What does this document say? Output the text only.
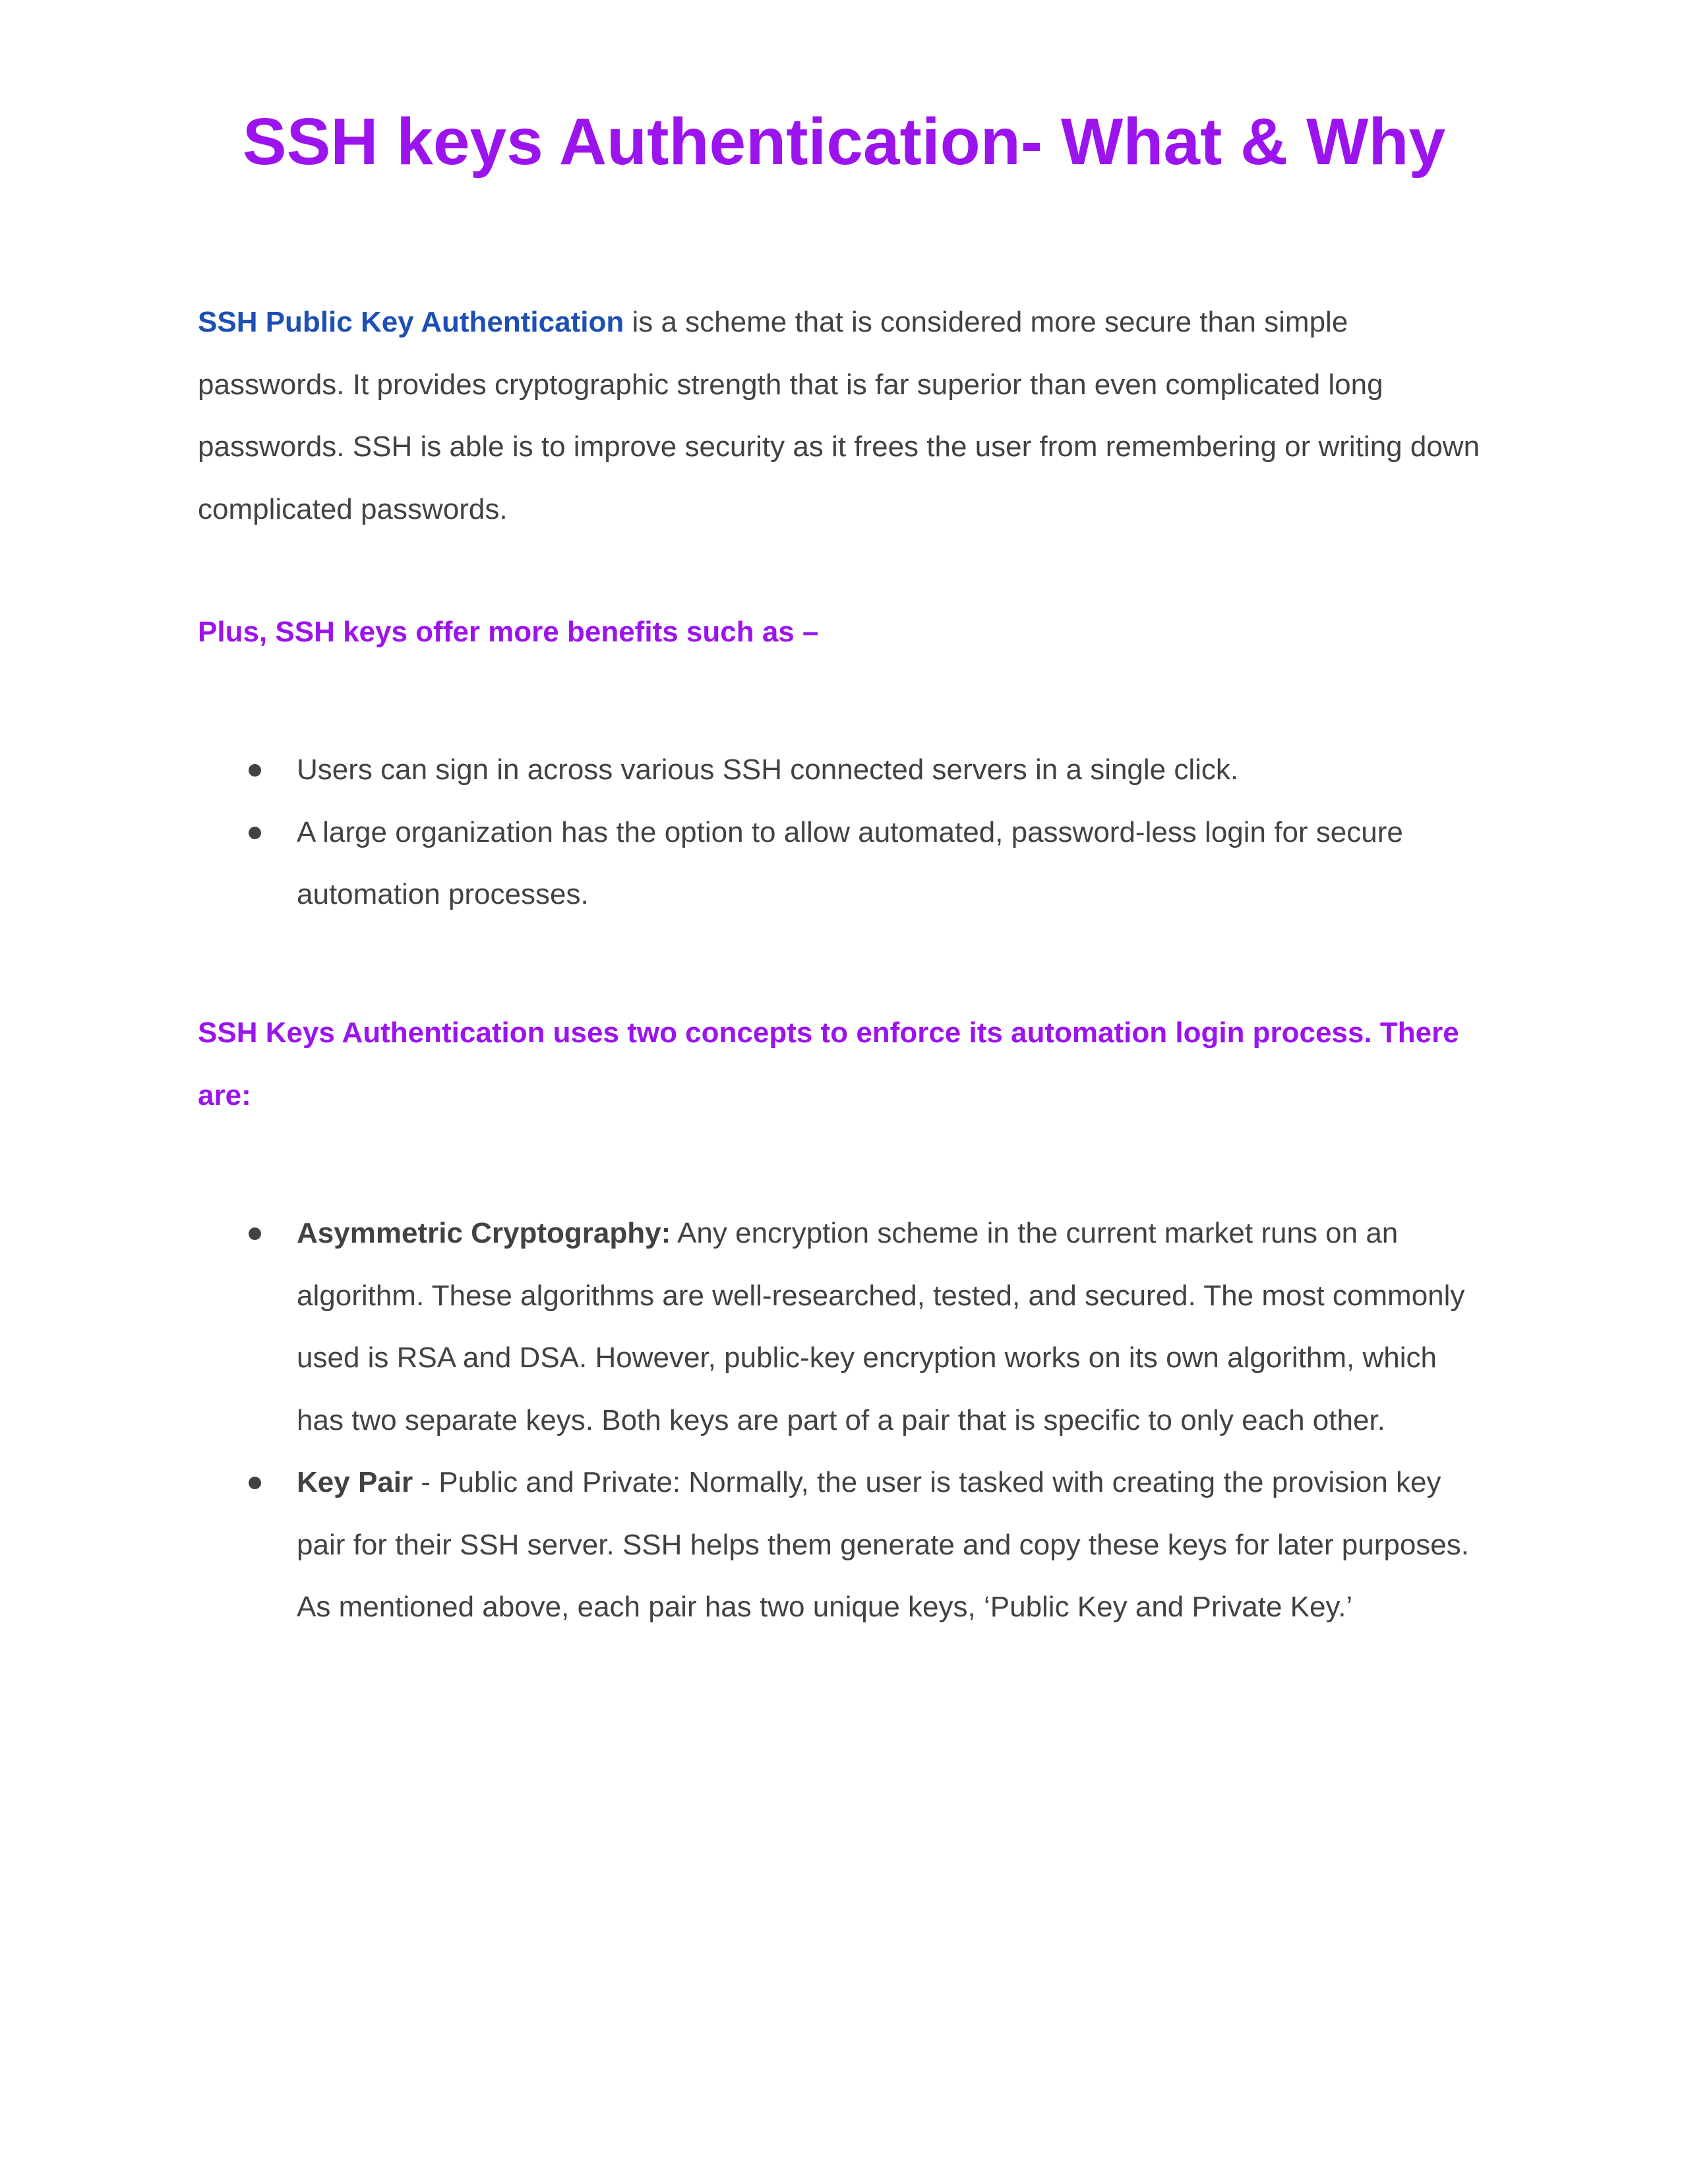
SSH keys Authentication- What & Why

SSH Public Key Authentication is a scheme that is considered more secure than simple passwords. It provides cryptographic strength that is far superior than even complicated long passwords. SSH is able is to improve security as it frees the user from remembering or writing down complicated passwords.

Plus, SSH keys offer more benefits such as –

Users can sign in across various SSH connected servers in a single click.
A large organization has the option to allow automated, password-less login for secure automation processes.

SSH Keys Authentication uses two concepts to enforce its automation login process. There are:

Asymmetric Cryptography: Any encryption scheme in the current market runs on an algorithm. These algorithms are well-researched, tested, and secured. The most commonly used is RSA and DSA. However, public-key encryption works on its own algorithm, which has two separate keys. Both keys are part of a pair that is specific to only each other.
Key Pair - Public and Private: Normally, the user is tasked with creating the provision key pair for their SSH server. SSH helps them generate and copy these keys for later purposes. As mentioned above, each pair has two unique keys, ‘Public Key and Private Key.’
